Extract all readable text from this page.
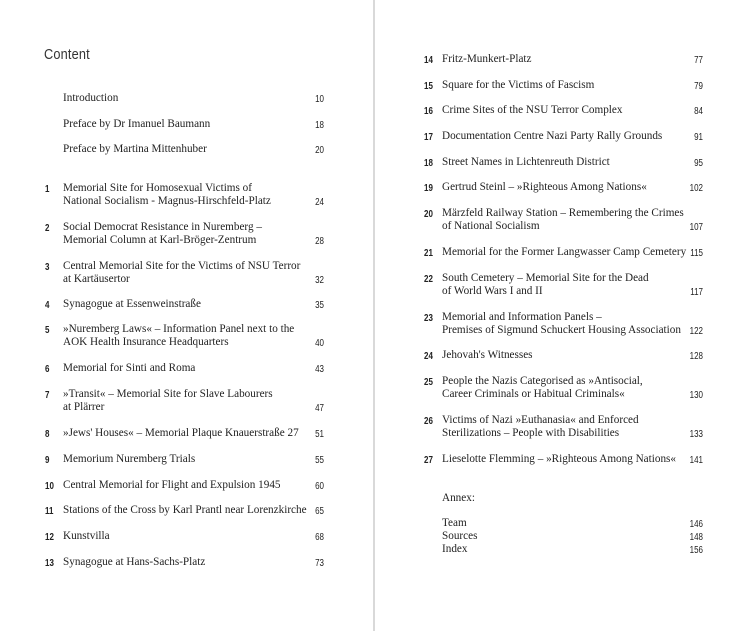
Content
Introduction	10
Preface by Dr Imanuel Baumann	18
Preface by Martina Mittenhuber	20
1 Memorial Site for Homosexual Victims of
National Socialism - Magnus-Hirschfeld-Platz	24
2 Social Democrat Resistance in Nuremberg –
Memorial Column at Karl-Bröger-Zentrum	28
3 Central Memorial Site for the Victims of NSU Terror
at Kartäusertor	32
4 Synagogue at Essenweinstraße	35
5 »Nuremberg Laws« – Information Panel next to the
AOK Health Insurance Headquarters	40
6 Memorial for Sinti and Roma	43
7 »Transit« – Memorial Site for Slave Labourers
at Plärrer	47
8 »Jews' Houses« – Memorial Plaque Knauerstraße 27	51
9 Memorium Nuremberg Trials	55
10 Central Memorial for Flight and Expulsion 1945	60
11 Stations of the Cross by Karl Prantl near Lorenzkirche 65
12 Kunstvilla	68
13 Synagogue at Hans-Sachs-Platz	73
14 Fritz-Munkert-Platz	77
15 Square for the Victims of Fascism	79
16 Crime Sites of the NSU Terror Complex	84
17 Documentation Centre Nazi Party Rally Grounds	91
18 Street Names in Lichtenreuth District	95
19 Gertrud Steinl – »Righteous Among Nations«	102
20 Märzfeld Railway Station – Remembering the Crimes
of National Socialism	107
21 Memorial for the Former Langwasser Camp Cemetery 115
22 South Cemetery – Memorial Site for the Dead
of World Wars I and II	117
23 Memorial and Information Panels –
Premises of Sigmund Schuckert Housing Association 122
24 Jehovah's Witnesses	128
25 People the Nazis Categorised as »Antisocial,
Career Criminals or Habitual Criminals«	130
26 Victims of Nazi »Euthanasia« and Enforced
Sterilizations – People with Disabilities	133
27 Lieselotte Flemming – »Righteous Among Nations«	141
Annex:
Team	146
Sources	148
Index	156
